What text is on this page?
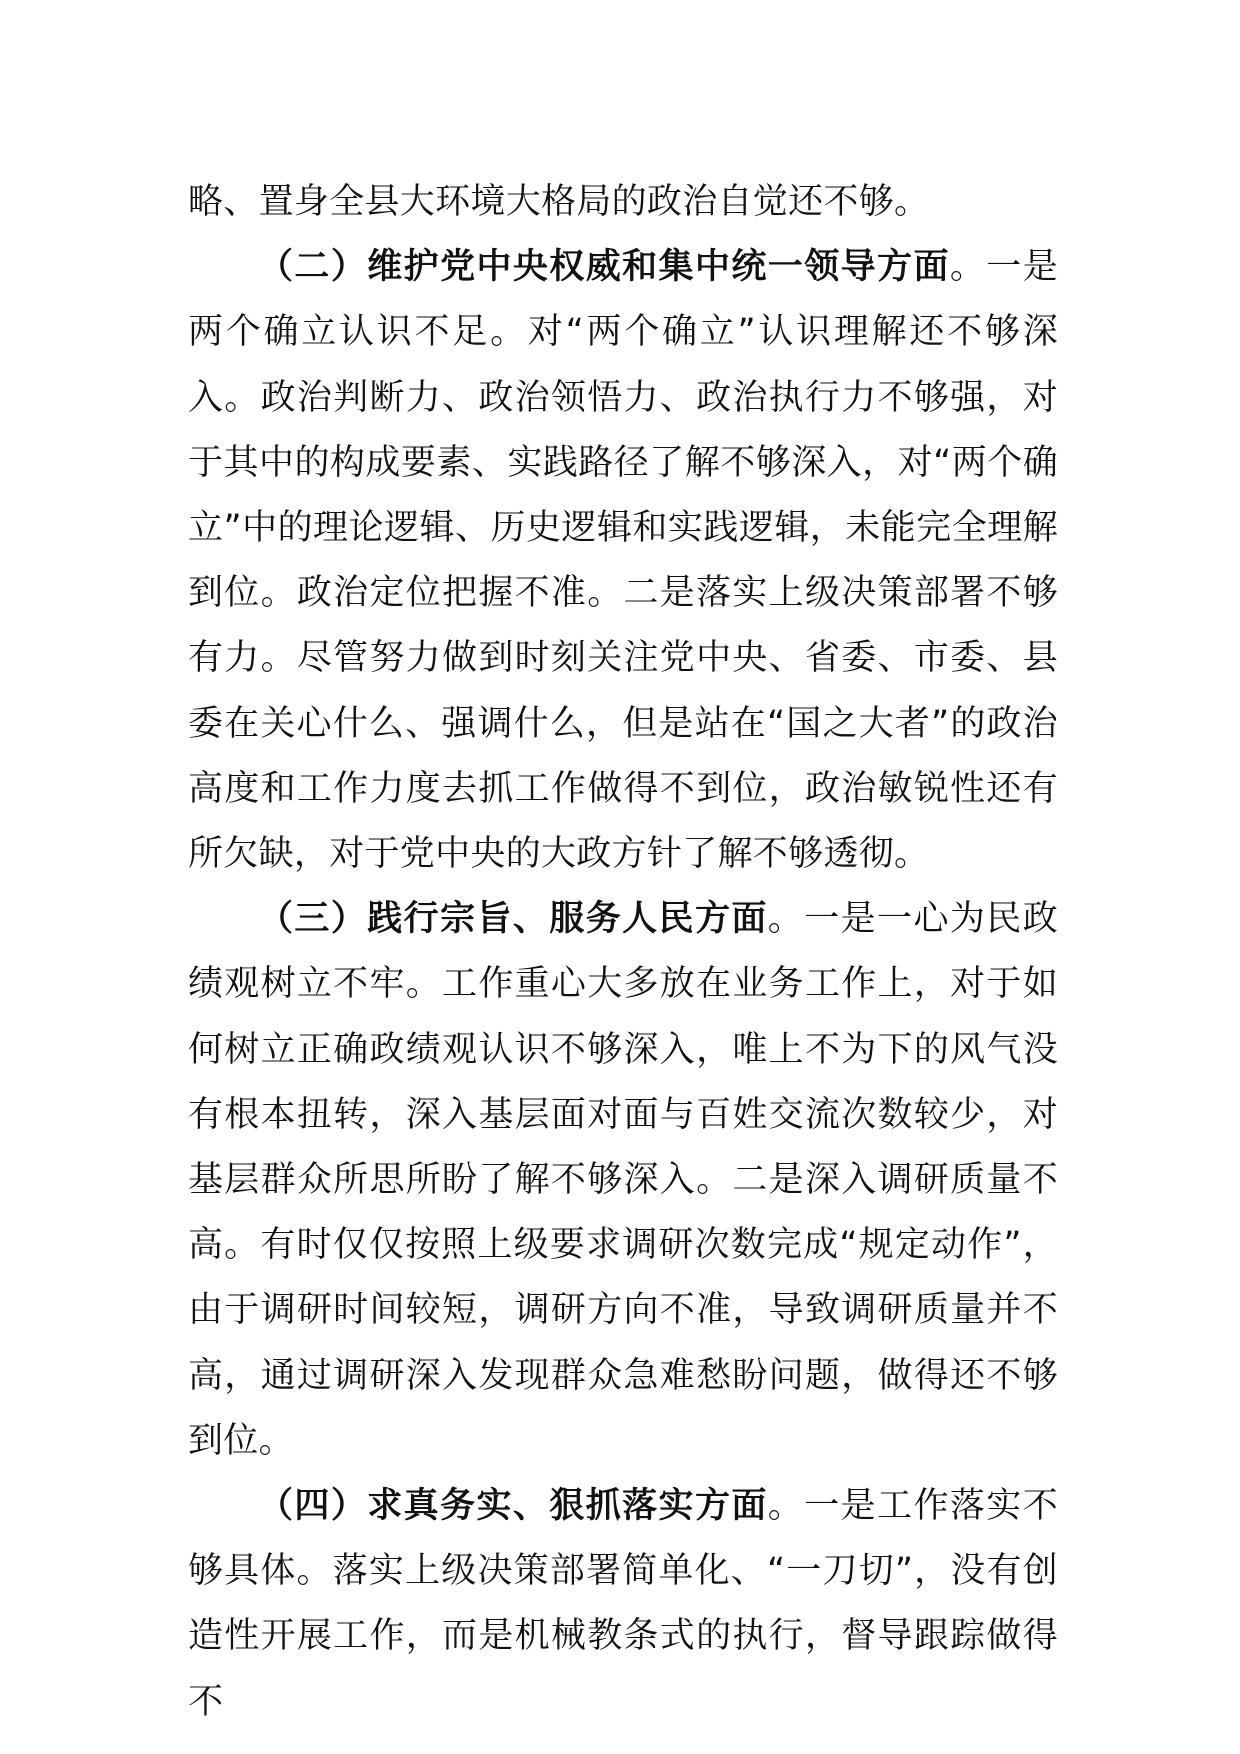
略、置身全县大环境大格局的政治自觉还不够。

（二）维护党中央权威和集中统一领导方面。一是两个确立认识不足。对“两个确立”认识理解还不够深入。政治判断力、政治领悟力、政治执行力不够强，对于其中的构成要素、实践路径了解不够深入，对“两个确立”中的理论逻辑、历史逻辑和实践逻辑，未能完全理解到位。政治定位把握不准。二是落实上级决策部署不够有力。尽管努力做到时刻关注党中央、省委、市委、县委在关心什么、强调什么，但是站在“国之大者”的政治高度和工作力度去抓工作做得不到位，政治敏锐性还有所欠缺，对于党中央的大政方针了解不够透彻。

（三）践行宗旨、服务人民方面。一是一心为民政绩观树立不牢。工作重心大多放在业务工作上，对于如何树立正确政绩观认识不够深入，唯上不为下的风气没有根本扭转，深入基层面对面与百姓交流次数较少，对基层群众所思所盼了解不够深入。二是深入调研质量不高。有时仅仅按照上级要求调研次数完成“规定动作”，由于调研时间较短，调研方向不准，导致调研质量并不高，通过调研深入发现群众急难愁盼问题，做得还不够到位。

（四）求真务实、狠抓落实方面。一是工作落实不够具体。落实上级决策部署简单化、“一刀切”，没有创造性开展工作，而是机械教条式的执行，督导跟踪做得不
